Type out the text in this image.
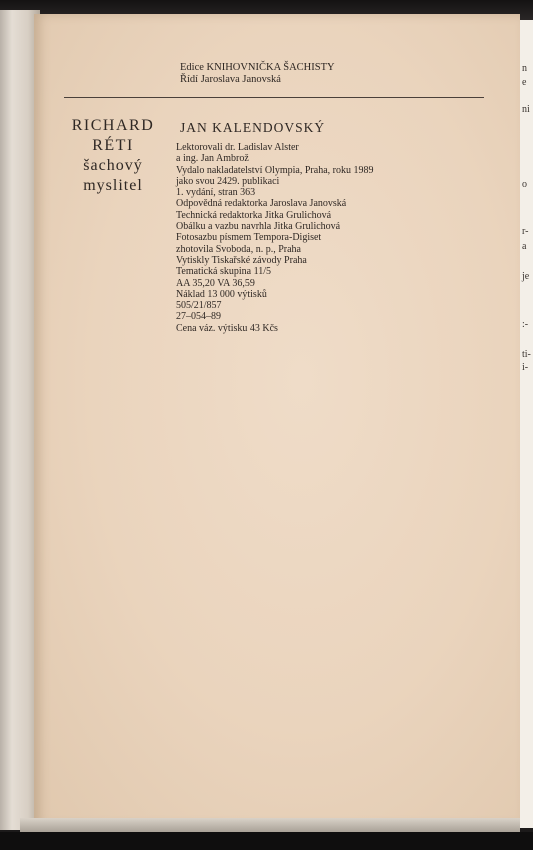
n
e
ni
o
r-
a
je
:-
ti-
i-
Edice KNIHOVNIČKA ŠACHISTY
Řídí Jaroslava Janovská
RICHARD
RÉTI
šachový
myslitel
JAN KALENDOVSKÝ
Lektorovali dr. Ladislav Alster
a ing. Jan Ambrož
Vydalo nakladatelství Olympia, Praha, roku 1989
jako svou 2429. publikaci
1. vydání, stran 363
Odpovědná redaktorka Jaroslava Janovská
Technická redaktorka Jitka Grulichová
Obálku a vazbu navrhla Jitka Grulichová
Fotosazbu písmem Tempora-Digiset
zhotovila Svoboda, n. p., Praha
Vytiskly Tiskařské závody Praha
Tematická skupina 11/5
AA 35,20 VA 36,59
Náklad 13 000 výtisků
505/21/857
27–054–89
Cena váz. výtisku 43 Kčs
